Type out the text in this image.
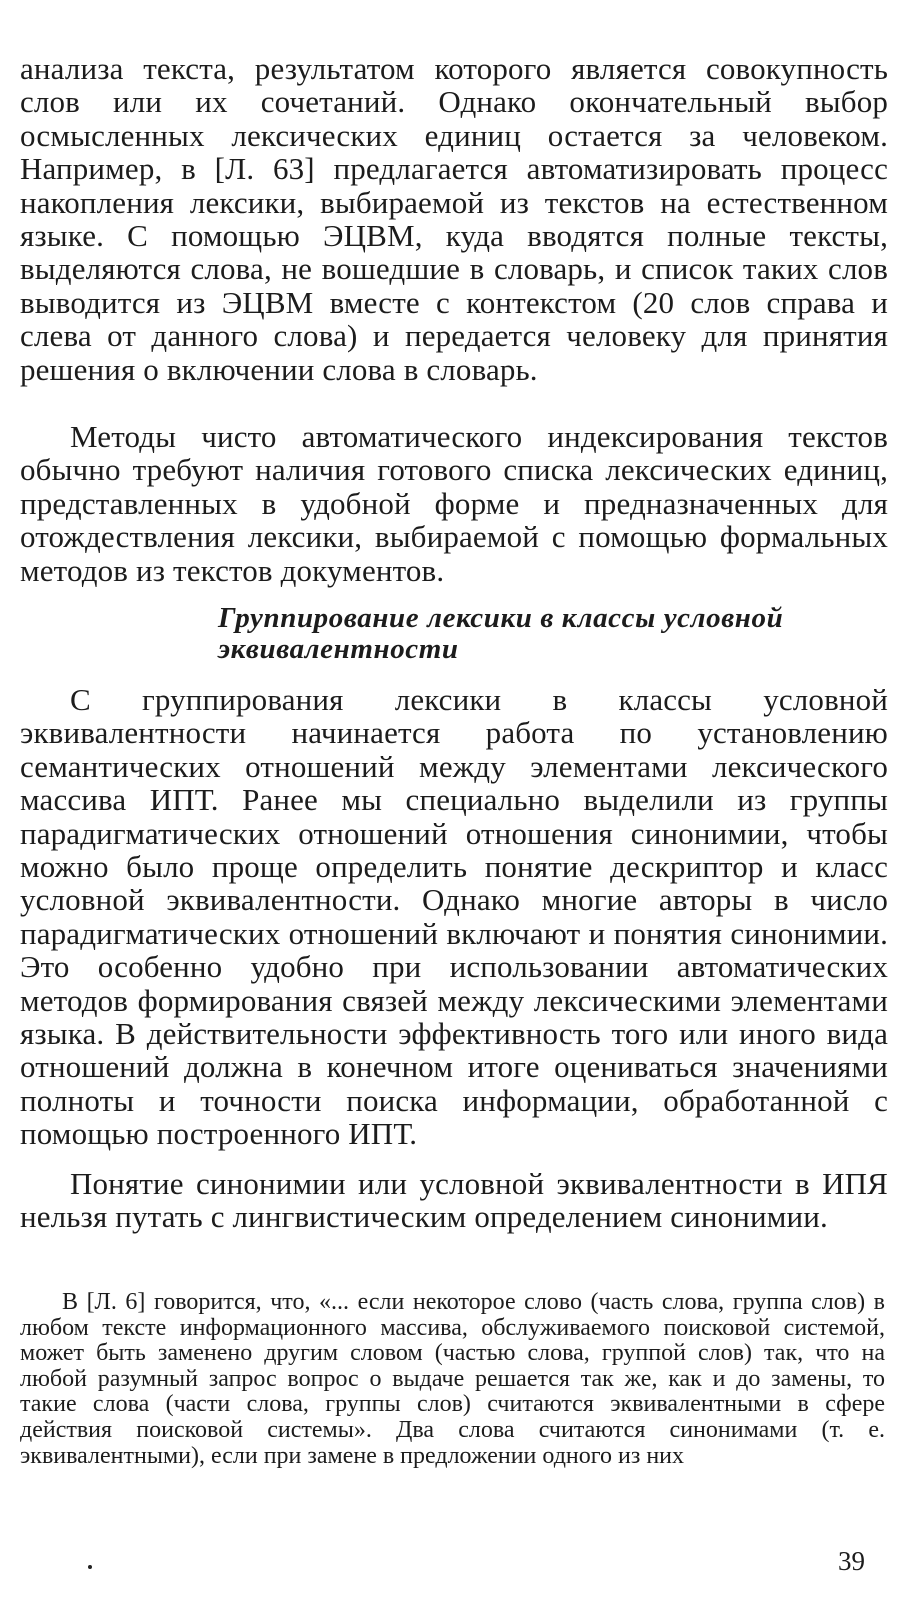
анализа текста, результатом которого является совокупность слов или их сочетаний. Однако окончательный выбор осмысленных лексических единиц остается за человеком. Например, в [Л. 63] предлагается автоматизировать процесс накопления лексики, выбираемой из текстов на естественном языке. С помощью ЭЦВМ, куда вводятся полные тексты, выделяются слова, не вошедшие в словарь, и список таких слов выводится из ЭЦВМ вместе с контекстом (20 слов справа и слева от данного слова) и передается человеку для принятия решения о включении слова в словарь.

Методы чисто автоматического индексирования текстов обычно требуют наличия готового списка лексических единиц, представленных в удобной форме и предназначенных для отождествления лексики, выбираемой с помощью формальных методов из текстов документов.

Группирование лексики в классы условной
эквивалентности

С группирования лексики в классы условной эквивалентности начинается работа по установлению семантических отношений между элементами лексического массива ИПТ. Ранее мы специально выделили из группы парадигматических отношений отношения синонимии, чтобы можно было проще определить понятие дескриптор и класс условной эквивалентности. Однако многие авторы в число парадигматических отношений включают и понятия синонимии. Это особенно удобно при использовании автоматических методов формирования связей между лексическими элементами языка. В действительности эффективность того или иного вида отношений должна в конечном итоге оцениваться значениями полноты и точности поиска информации, обработанной с помощью построенного ИПТ.

Понятие синонимии или условной эквивалентности в ИПЯ нельзя путать с лингвистическим определением синонимии.

В [Л. 6] говорится, что, «... если некоторое слово (часть слова, группа слов) в любом тексте информационного массива, обслуживаемого поисковой системой, может быть заменено другим словом (частью слова, группой слов) так, что на любой разумный запрос вопрос о выдаче решается так же, как и до замены, то такие слова (части слова, группы слов) считаются эквивалентными в сфере действия поисковой системы». Два слова считаются синонимами (т. е. эквивалентными), если при замене в предложении одного из них

39
